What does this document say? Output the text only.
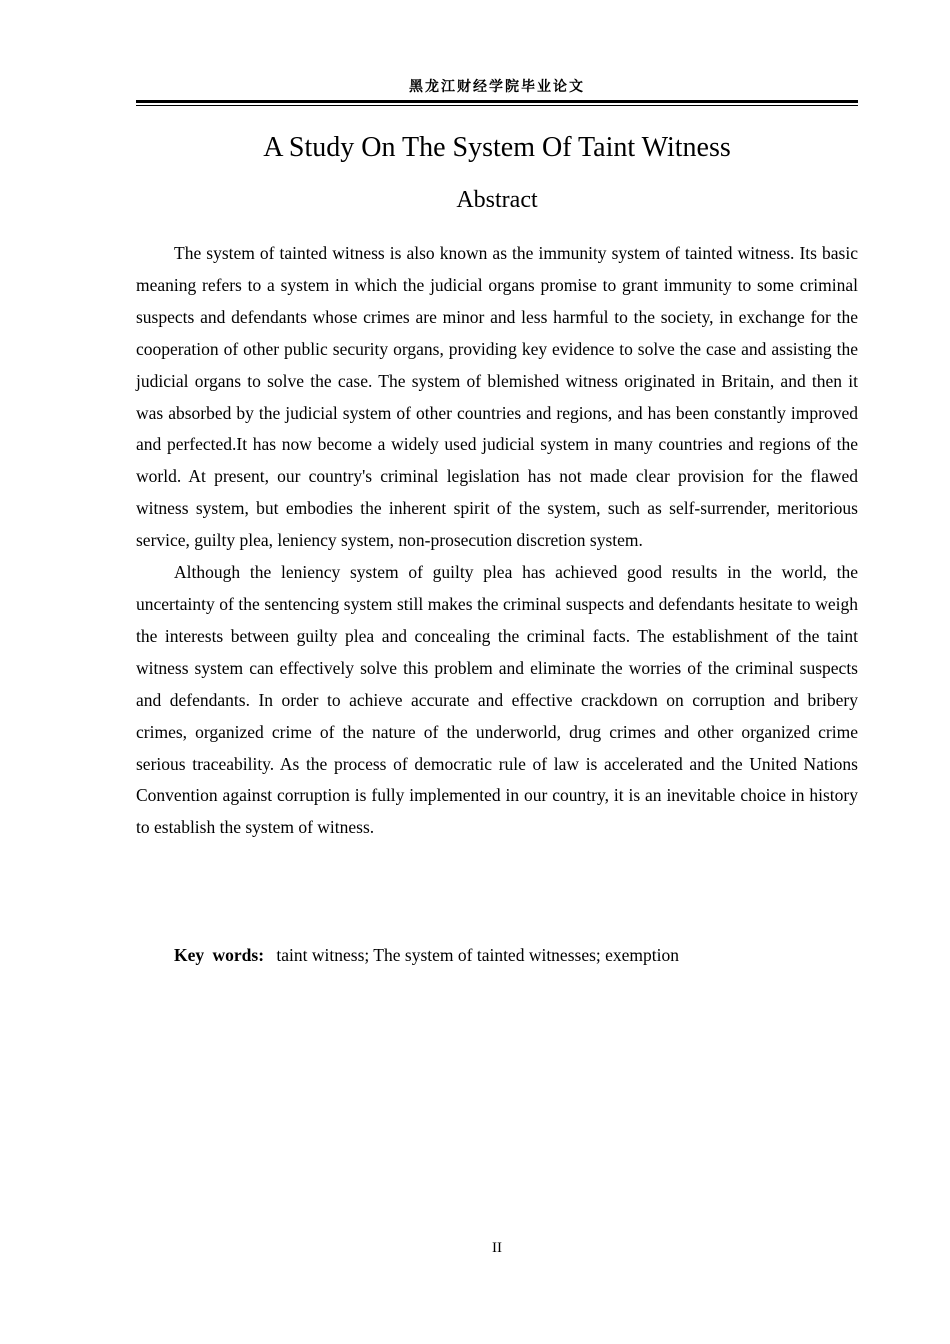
黑龙江财经学院毕业论文
A Study On The System Of Taint Witness
Abstract

The system of tainted witness is also known as the immunity system of tainted witness. Its basic meaning refers to a system in which the judicial organs promise to grant immunity to some criminal suspects and defendants whose crimes are minor and less harmful to the society, in exchange for the cooperation of other public security organs, providing key evidence to solve the case and assisting the judicial organs to solve the case. The system of blemished witness originated in Britain, and then it was absorbed by the judicial system of other countries and regions, and has been constantly improved and perfected.It has now become a widely used judicial system in many countries and regions of the world. At present, our country's criminal legislation has not made clear provision for the flawed witness system, but embodies the inherent spirit of the system, such as self-surrender, meritorious service, guilty plea, leniency system, non-prosecution discretion system.

Although the leniency system of guilty plea has achieved good results in the world, the uncertainty of the sentencing system still makes the criminal suspects and defendants hesitate to weigh the interests between guilty plea and concealing the criminal facts. The establishment of the taint witness system can effectively solve this problem and eliminate the worries of the criminal suspects and defendants. In order to achieve accurate and effective crackdown on corruption and bribery crimes, organized crime of the nature of the underworld, drug crimes and other organized crime serious traceability. As the process of democratic rule of law is accelerated and the United Nations Convention against corruption is fully implemented in our country, it is an inevitable choice in history to establish the system of witness.

Key words: taint witness; The system of tainted witnesses; exemption
II
